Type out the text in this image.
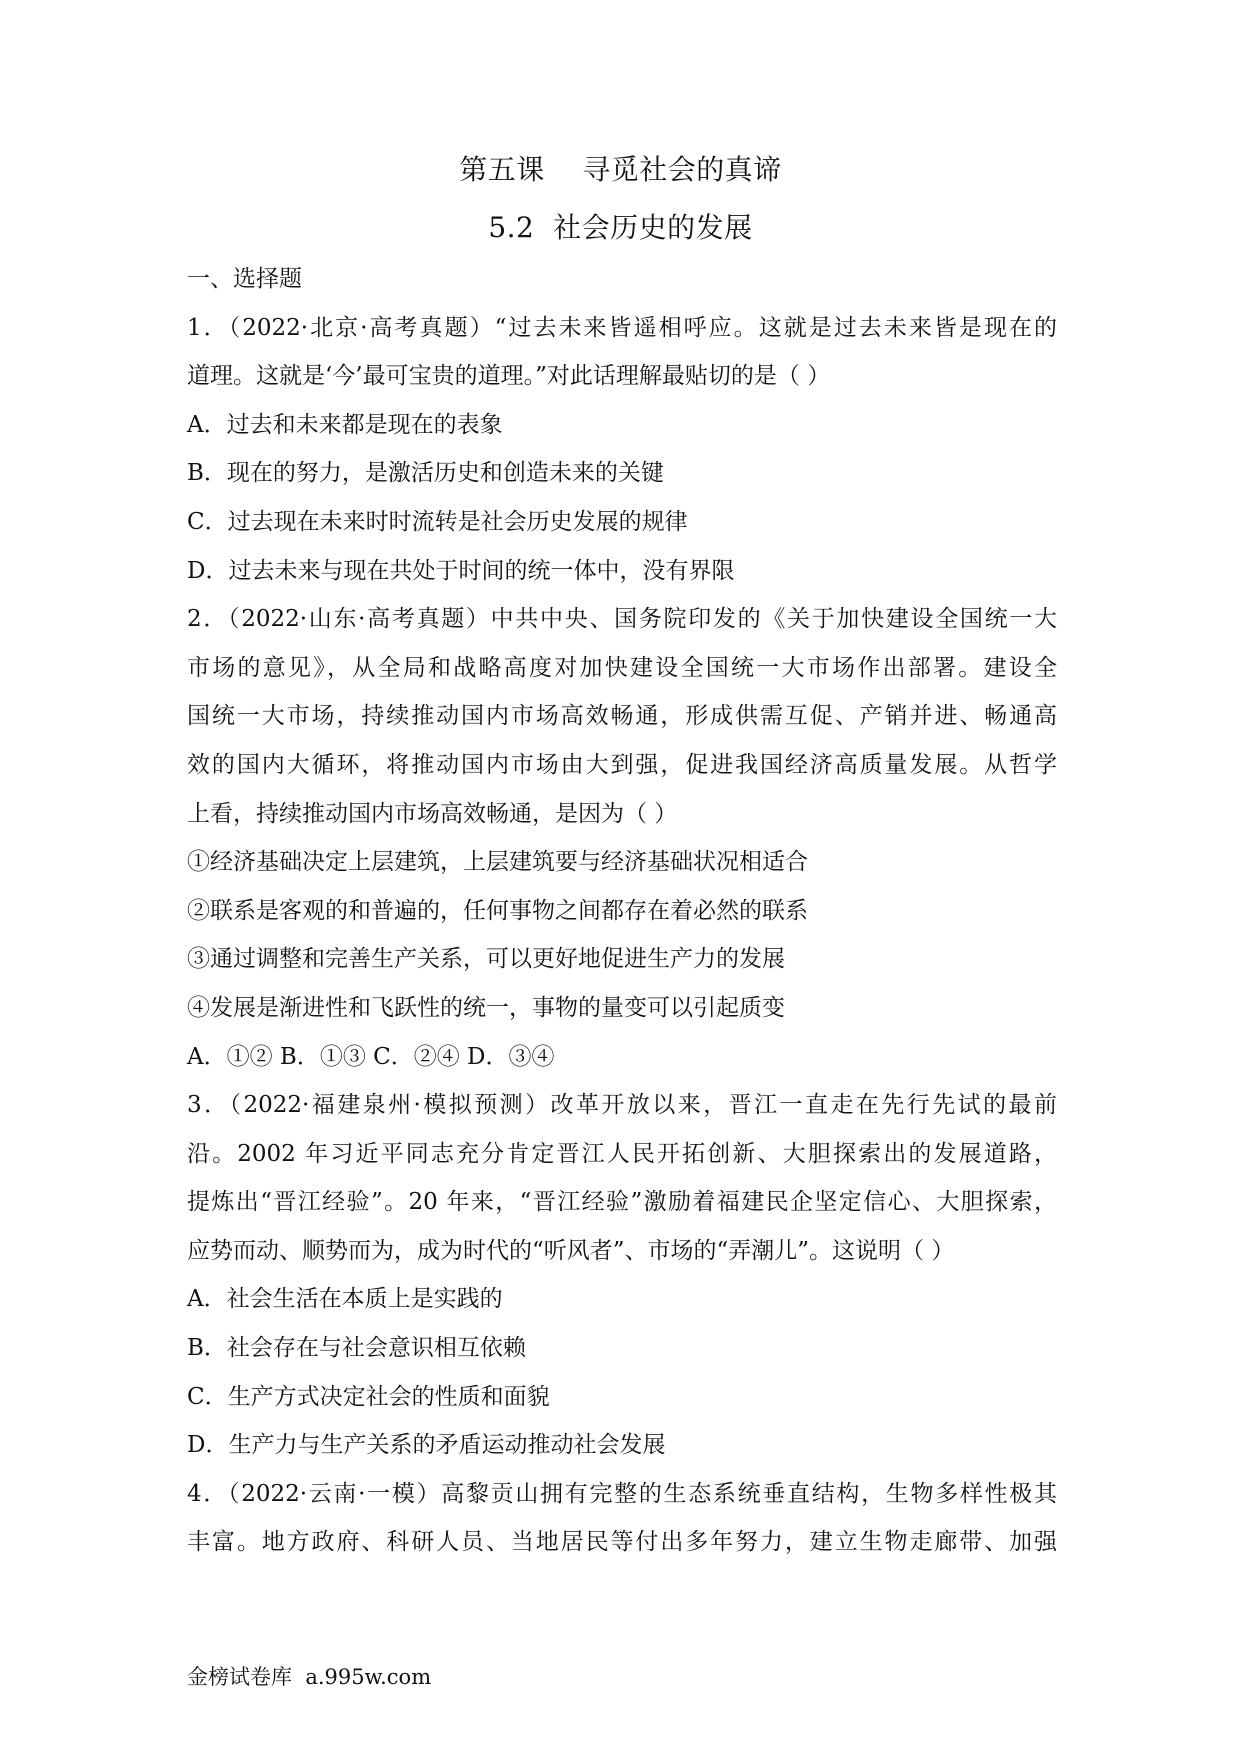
第五课    寻觅社会的真谛
5.2  社会历史的发展
一、选择题
1．（2022·北京·高考真题）“过去未来皆遥相呼应。这就是过去未来皆是现在的
道理。这就是‘今’最可宝贵的道理。”对此话理解最贴切的是（ ）
A．过去和未来都是现在的表象
B．现在的努力，是激活历史和创造未来的关键
C．过去现在未来时时流转是社会历史发展的规律
D．过去未来与现在共处于时间的统一体中，没有界限
2．（2022·山东·高考真题）中共中央、国务院印发的《关于加快建设全国统一大
市场的意见》，从全局和战略高度对加快建设全国统一大市场作出部署。建设全
国统一大市场，持续推动国内市场高效畅通，形成供需互促、产销并进、畅通高
效的国内大循环，将推动国内市场由大到强，促进我国经济高质量发展。从哲学
上看，持续推动国内市场高效畅通，是因为（ ）
①经济基础决定上层建筑，上层建筑要与经济基础状况相适合
②联系是客观的和普遍的，任何事物之间都存在着必然的联系
③通过调整和完善生产关系，可以更好地促进生产力的发展
④发展是渐进性和飞跃性的统一，事物的量变可以引起质变
A．①② B．①③ C．②④ D．③④
3．（2022·福建泉州·模拟预测）改革开放以来，晋江一直走在先行先试的最前
沿。2002 年习近平同志充分肯定晋江人民开拓创新、大胆探索出的发展道路，
提炼出“晋江经验”。20 年来，“晋江经验”激励着福建民企坚定信心、大胆探索，
应势而动、顺势而为，成为时代的“听风者”、市场的“弄潮儿”。这说明（ ）
A．社会生活在本质上是实践的
B．社会存在与社会意识相互依赖
C．生产方式决定社会的性质和面貌
D．生产力与生产关系的矛盾运动推动社会发展
4．（2022·云南·一模）高黎贡山拥有完整的生态系统垂直结构，生物多样性极其
丰富。地方政府、科研人员、当地居民等付出多年努力，建立生物走廊带、加强
金榜试卷库  a.995w.com
